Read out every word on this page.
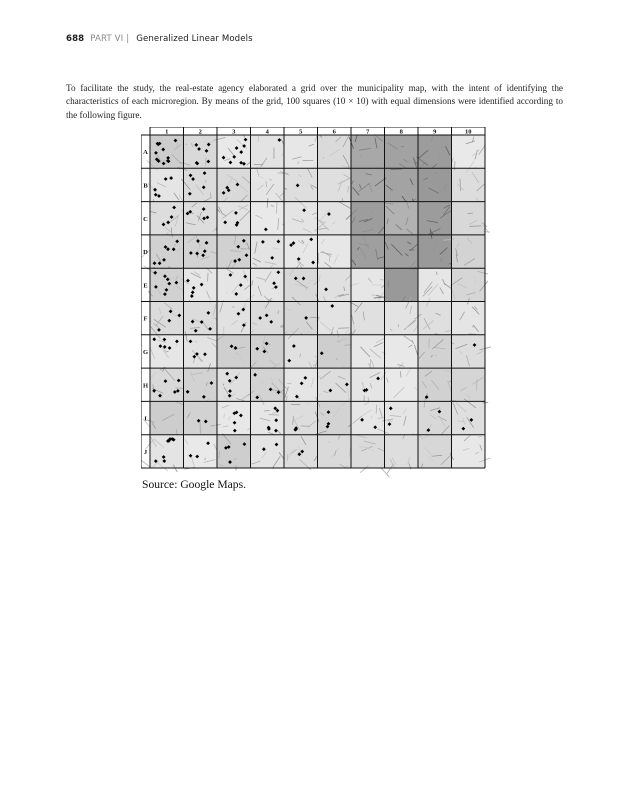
688 PART VI | Generalized Linear Models

To facilitate the study, the real-estate agency elaborated a grid over the municipality map, with the intent of identifying the characteristics of each microregion. By means of the grid, 100 squares (10 × 10) with equal dimensions were identified according to the following figure.

1	2	3	4	5	6	7	8	9	10
A
B
C
D
E
F
G
H
I
J
Source: Google Maps.
